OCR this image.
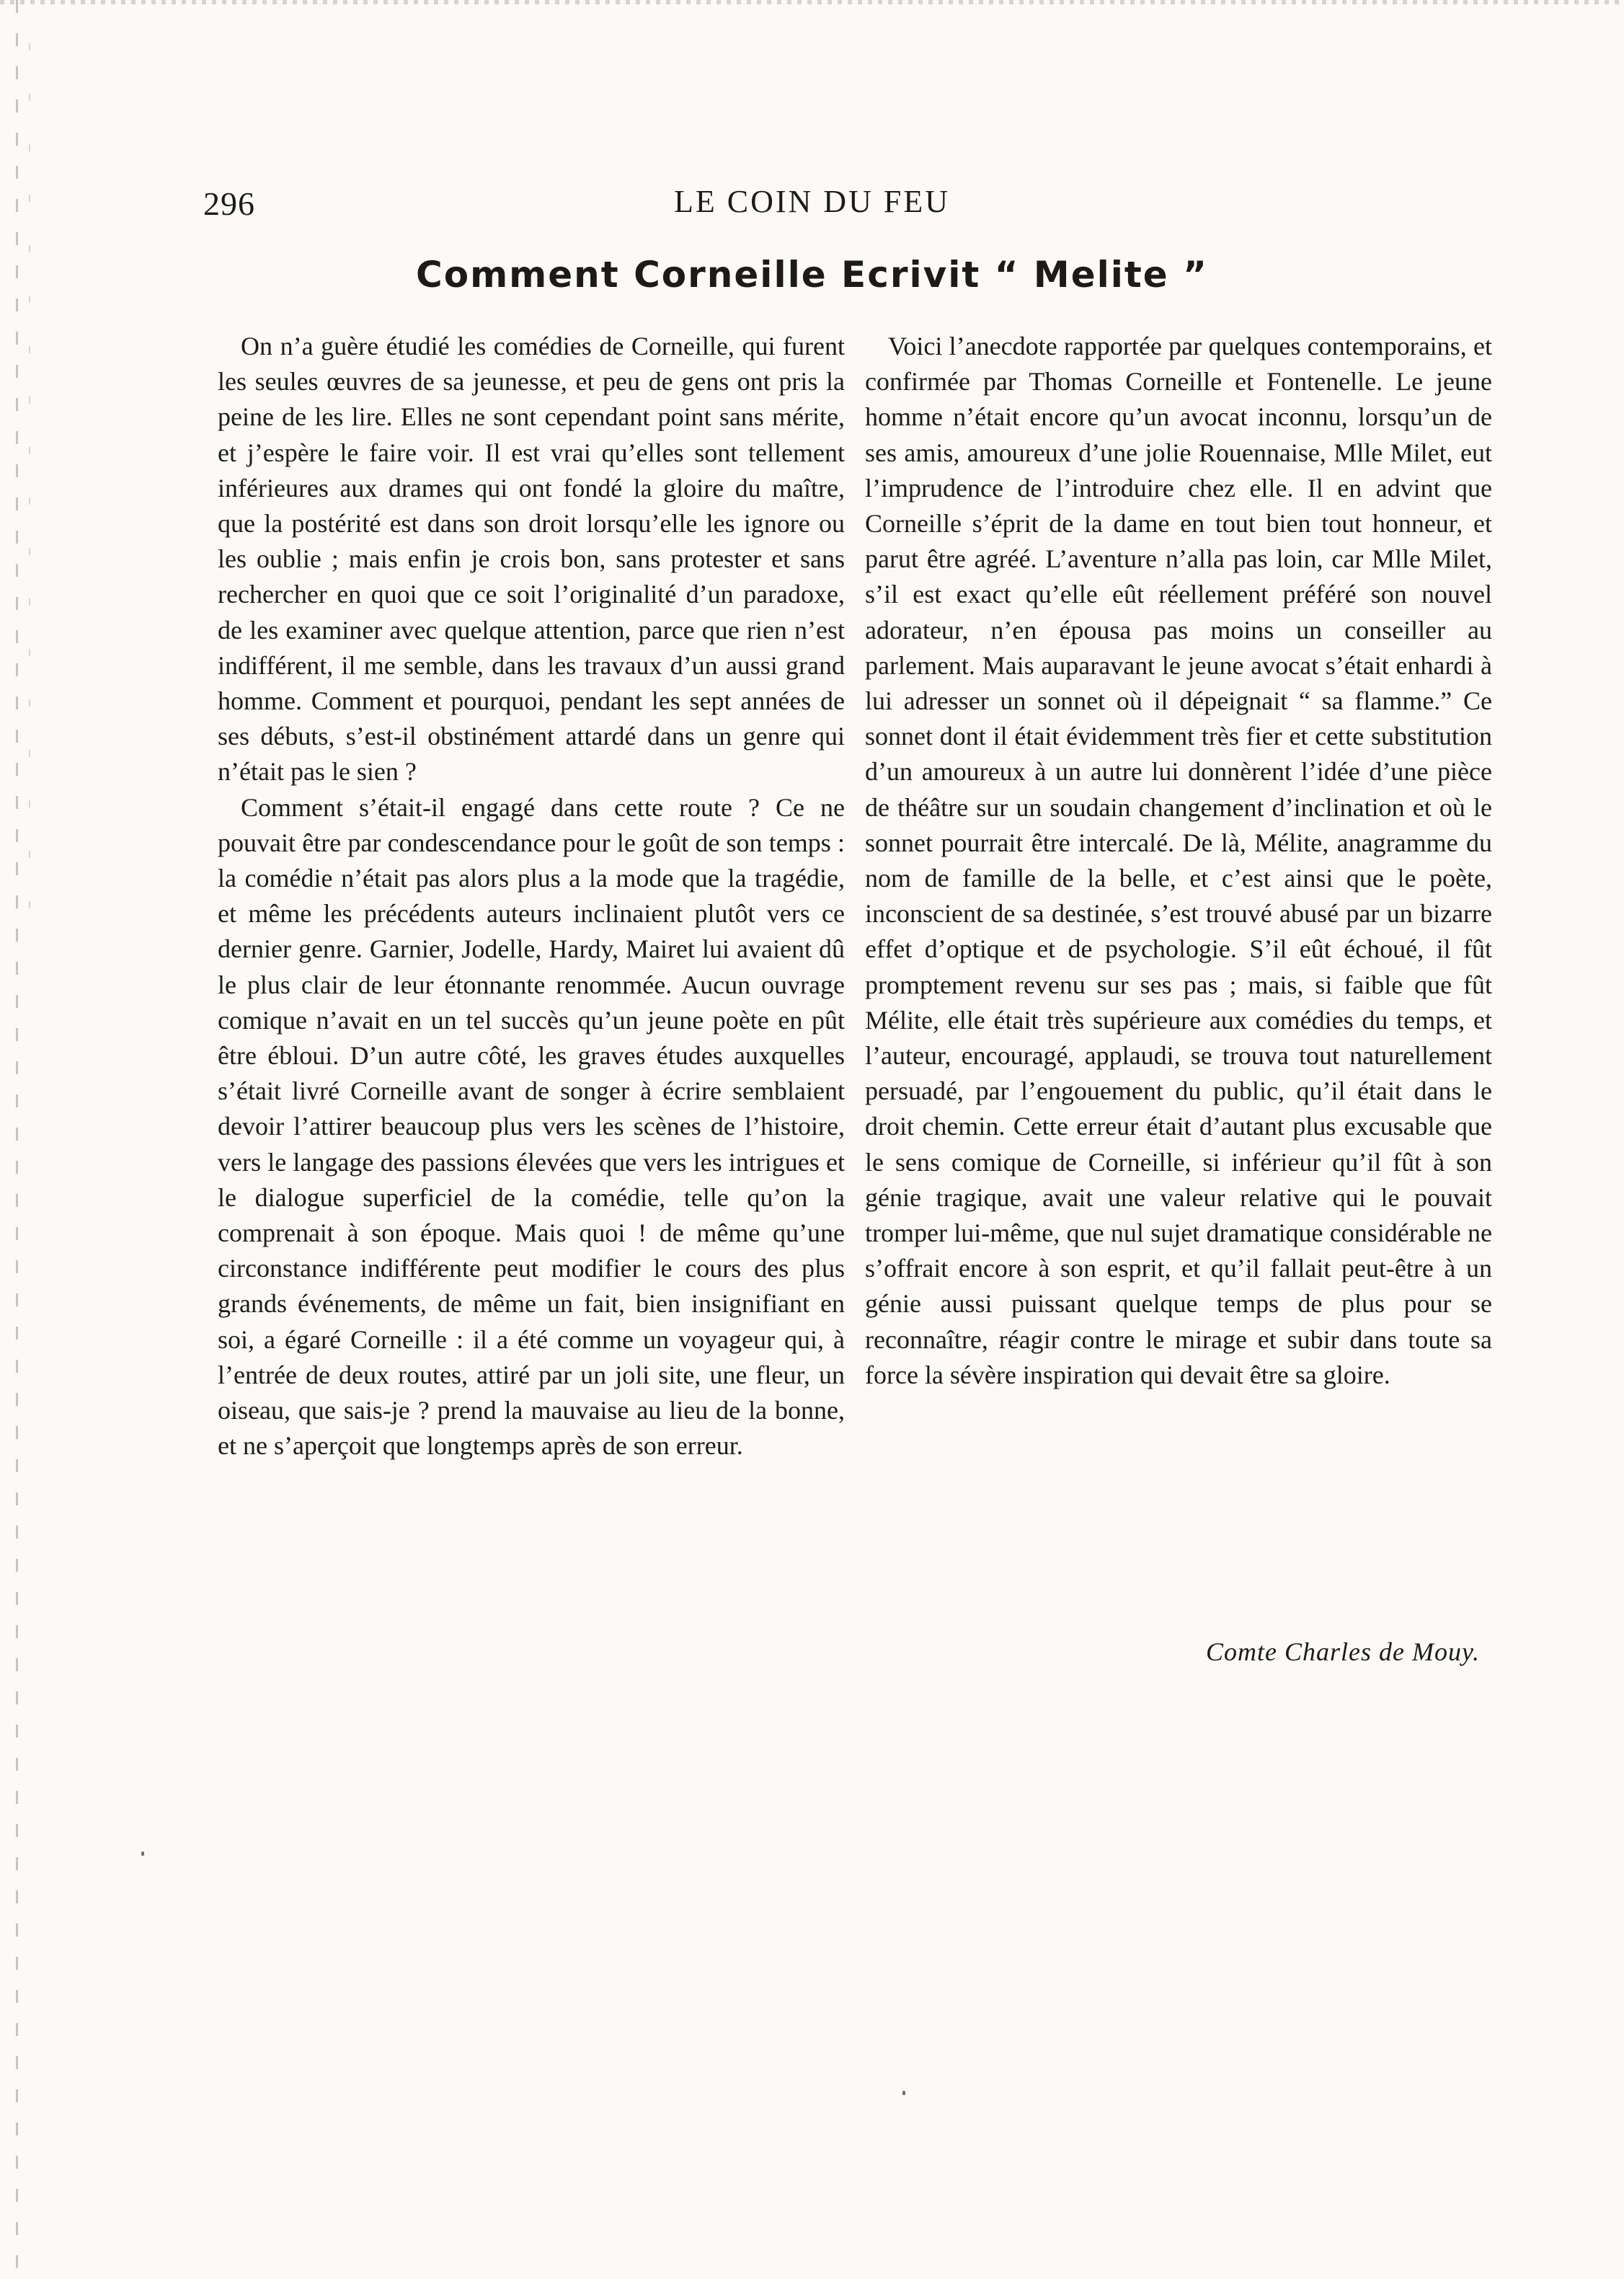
296	LE COIN DU FEU
Comment Corneille Ecrivit “ Melite ”

On n’a guère étudié les comédies de Corneille, qui furent les seules œuvres de sa jeunesse, et peu de gens ont pris la peine de les lire. Elles ne sont cependant point sans mérite, et j’espère le faire voir. Il est vrai qu’elles sont tellement inférieures aux drames qui ont fondé la gloire du maître, que la postérité est dans son droit lorsqu’elle les ignore ou les oublie ; mais enfin je crois bon, sans protester et sans rechercher en quoi que ce soit l’originalité d’un paradoxe, de les examiner avec quelque attention, parce que rien n’est indifférent, il me semble, dans les travaux d’un aussi grand homme. Comment et pourquoi, pendant les sept années de ses débuts, s’est-il obstinément attardé dans un genre qui n’était pas le sien ?

Comment s’était-il engagé dans cette route ? Ce ne pouvait être par condescendance pour le goût de son temps : la comédie n’était pas alors plus a la mode que la tragédie, et même les précédents auteurs inclinaient plutôt vers ce dernier genre. Garnier, Jodelle, Hardy, Mairet lui avaient dû le plus clair de leur étonnante renommée. Aucun ouvrage comique n’avait en un tel succès qu’un jeune poète en pût être ébloui. D’un autre côté, les graves études auxquelles s’était livré Corneille avant de songer à écrire semblaient devoir l’attirer beaucoup plus vers les scènes de l’histoire, vers le langage des passions élevées que vers les intrigues et le dialogue superficiel de la comédie, telle qu’on la comprenait à son époque. Mais quoi ! de même qu’une circonstance indifférente peut modifier le cours des plus grands événements, de même un fait, bien insignifiant en soi, a égaré Corneille : il a été comme un voyageur qui, à l’entrée de deux routes, attiré par un joli site, une fleur, un oiseau, que sais-je ? prend la mauvaise au lieu de la bonne, et ne s’aperçoit que longtemps après de son erreur.

Voici l’anecdote rapportée par quelques contemporains, et confirmée par Thomas Corneille et Fontenelle. Le jeune homme n’était encore qu’un avocat inconnu, lorsqu’un de ses amis, amoureux d’une jolie Rouennaise, Mlle Milet, eut l’imprudence de l’introduire chez elle. Il en advint que Corneille s’éprit de la dame en tout bien tout honneur, et parut être agréé. L’aventure n’alla pas loin, car Mlle Milet, s’il est exact qu’elle eût réellement préféré son nouvel adorateur, n’en épousa pas moins un conseiller au parlement. Mais auparavant le jeune avocat s’était enhardi à lui adresser un sonnet où il dépeignait “ sa flamme.” Ce sonnet dont il était évidemment très fier et cette substitution d’un amoureux à un autre lui donnèrent l’idée d’une pièce de théâtre sur un soudain changement d’inclination et où le sonnet pourrait être intercalé. De là, Mélite, anagramme du nom de famille de la belle, et c’est ainsi que le poète, inconscient de sa destinée, s’est trouvé abusé par un bizarre effet d’optique et de psychologie. S’il eût échoué, il fût promptement revenu sur ses pas ; mais, si faible que fût Mélite, elle était très supérieure aux comédies du temps, et l’auteur, encouragé, applaudi, se trouva tout naturellement persuadé, par l’engouement du public, qu’il était dans le droit chemin. Cette erreur était d’autant plus excusable que le sens comique de Corneille, si inférieur qu’il fût à son génie tragique, avait une valeur relative qui le pouvait tromper lui-même, que nul sujet dramatique considérable ne s’offrait encore à son esprit, et qu’il fallait peut-être à un génie aussi puissant quelque temps de plus pour se reconnaître, réagir contre le mirage et subir dans toute sa force la sévère inspiration qui devait être sa gloire.

Comte Charles de Mouy.
